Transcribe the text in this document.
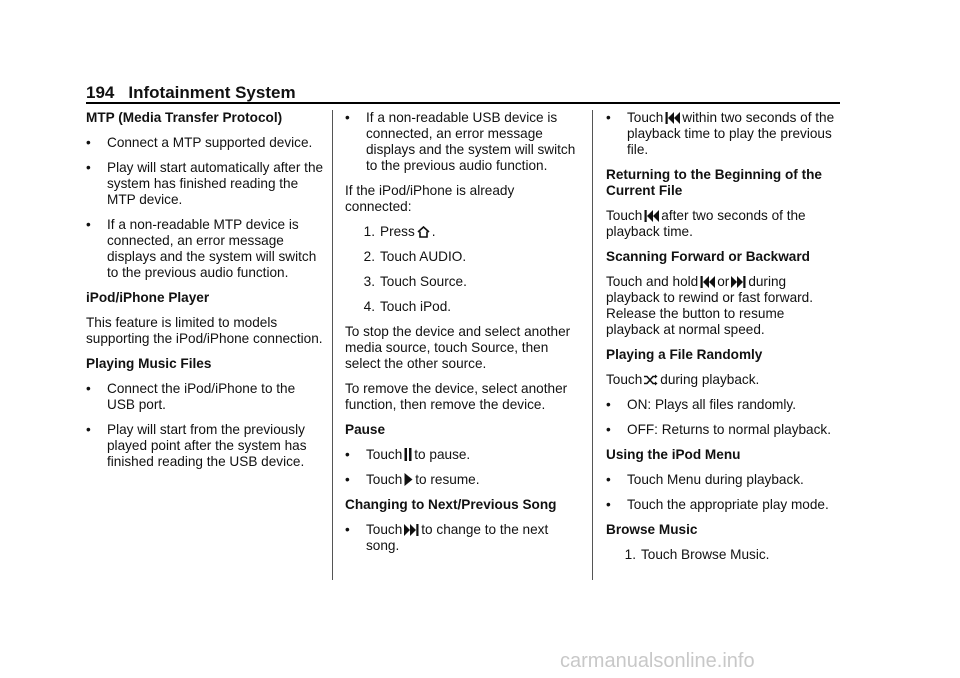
194 Infotainment System
MTP (Media Transfer Protocol)
•	Connect a MTP supported device.
•	Play will start automatically after the system has finished reading the MTP device.
•	If a non-readable MTP device is connected, an error message displays and the system will switch to the previous audio function.
iPod/iPhone Player

This feature is limited to models supporting the iPod/iPhone connection.

Playing Music Files
•	Connect the iPod/iPhone to the USB port.
•	Play will start from the previously played point after the system has finished reading the USB device.
•	If a non-readable USB device is connected, an error message displays and the system will switch to the previous audio function.

If the iPod/iPhone is already connected:

1. Press .
2. Touch AUDIO.
3. Touch Source.
4. Touch iPod.

To stop the device and select another media source, touch Source, then select the other source.

To remove the device, select another function, then remove the device.

Pause
•	Touch to pause.
•	Touch to resume.
Changing to Next/Previous Song
•	Touch to change to the next song.
•	Touch within two seconds of the playback time to play the previous file.
Returning to the Beginning of the Current File

Touch after two seconds of the playback time.

Scanning Forward or Backward

Touch and hold or during playback to rewind or fast forward. Release the button to resume playback at normal speed.

Playing a File Randomly

Touch during playback.

•	ON: Plays all files randomly.
•	OFF: Returns to normal playback.
Using the iPod Menu
•	Touch Menu during playback.
•	Touch the appropriate play mode.
Browse Music
1. Touch Browse Music.
carmanualsonline.info
